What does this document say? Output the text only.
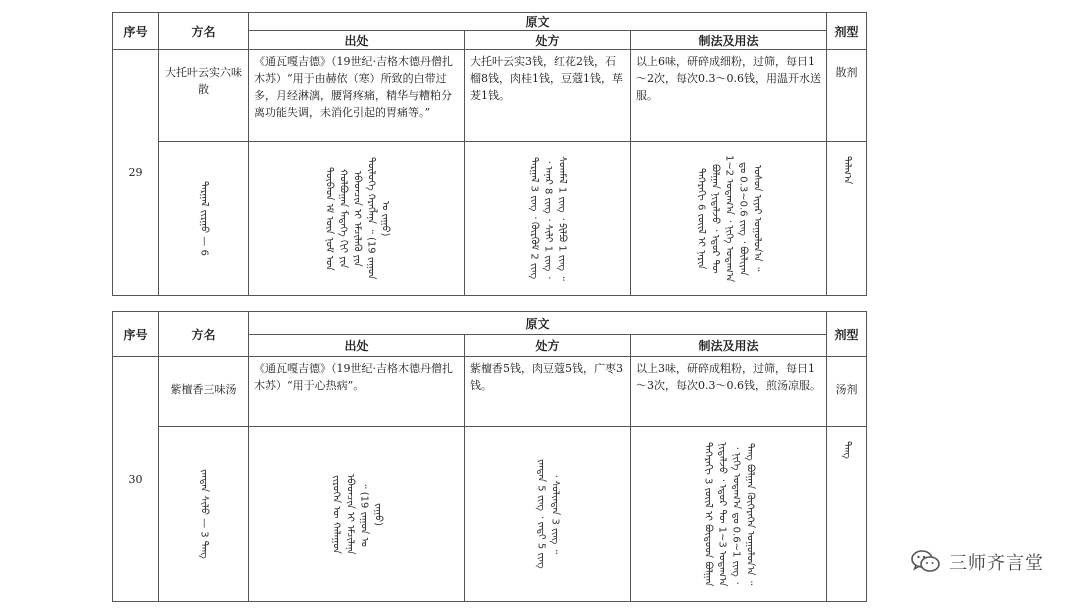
序号	方名	原文			剂型
		出处	处方	制法及用法	
29	大托叶云实六味散	《通瓦嘎吉德》（19世纪·吉格木德丹僧扎木苏）“用于由赫依（寒）所致的白带过多，月经淋漓，腰肾疼痛，精华与糟粕分离功能失调，未消化引起的胃痛等。”	大托叶云实3钱，红花2钱，石榴8钱，肉桂1钱，豆蔻1钱，荜茇1钱。	以上6味，研碎成细粉，过筛，每日1～2次，每次0.3～0.6钱，用温开水送服。	散剂

	ᠳᠠᠷᠭᠠᠯ ᠵᠢᠷᠭᠤ — 6	ᠲᠥᠪᠡᠳ ᠡᠮ ᠦᠨ ᠨᠣᠮ ᠤᠨ ᠬᠣᠯᠪᠣᠭᠠᠨ ᠮᠡᠳᠡᠭᠡ ᠬᠢᠢ ᠶᠢᠨ ᠡᠪᠡᠳᠴᠢᠨ ᠢ ᠡᠮᠴᠢᠯᠡᠬᠦ ᠶᠢᠨ ᠲᠥᠯᠦᠭᠡ ᠬᠡᠷᠡᠭᠯᠡᠨᠡ ᠃ (19 ᠵᠠᠭᠤᠨ ᠤ ᠵᠠᠭᠤ)	ᠳᠠᠷᠭᠠᠯ 3 ᠵᠢᠩ ᠂ ᠭᠦᠷᠭᠦᠮ 2 ᠵᠢᠩ ᠂ ᠠᠨᠠᠷ 8 ᠵᠢᠩ ᠂ ᠱᠢᠯᠢ 1 ᠵᠢᠩ ᠂ ᠰᠤᠭᠮᠡᠯ 1 ᠵᠢᠩ ᠂ ᠫᠢᠯᠫᠤ 1 ᠵᠢᠩ ᠃	ᠳᠡᠭᠡᠷᠡᠬᠢ 6 ᠵᠦᠢᠯ ᠢ ᠨᠠᠷᠢᠨ ᠪᠣᠯᠭᠠᠨ ᠨᠢᠳᠠᠯᠵᠤ ᠂ ᠡᠳᠦᠷ ᠲᠦ 1~2 ᠤᠳᠠᠭ᠎ᠠ ᠂ ᠨᠢᠭᠡ ᠤᠳᠠᠭ᠎ᠠ ᠳᠤ 0.3~0.6 ᠵᠢᠩ ᠂ ᠪᠦᠯᠢᠶᠡᠨ ᠤᠰᠤᠨ ᠢᠶᠠᠷ ᠣᠭᠣᠯᠤᠨ᠎ᠠ ᠃	ᠲᠠᠯᠬ᠎ᠠ
序号	方名	原文			剂型
		出处	处方	制法及用法	
30	紫檀香三味汤	《通瓦嘎吉德》（19世纪·吉格木德丹僧扎木苏）“用于心热病”。	紫檀香5钱，肉豆蔻5钱，广枣3钱。	以上3味，研碎成粗粉，过筛，每日1～3次，每次0.3～0.6钱，煎汤凉服。	汤剂

	ᠵᠠᠨᠳᠠᠨ ᠰᠢᠯᠤ — 3 ᠲᠠᠩ	ᠵᠢᠷᠦᠭᠡᠨ ᠦ ᠬᠠᠯᠠᠭᠤᠨ ᠡᠪᠡᠳᠴᠢᠨ ᠢ ᠡᠮᠴᠢᠯᠡᠨᠡ ᠃ (19 ᠵᠠᠭᠤᠨ ᠤ ᠵᠠᠭᠤ)	ᠵᠠᠨᠳᠠᠨ 5 ᠵᠢᠩ ᠂ ᠵᠠᠲᠢ 5 ᠵᠢᠩ ᠂ ᠰᠣᠯᠢᠨᠳᠠᠨ 3 ᠵᠢᠩ ᠃	ᠳᠡᠭᠡᠷᠡᠬᠢ 3 ᠵᠦᠢᠯ ᠢ ᠪᠦᠳᠦᠦᠨ ᠪᠣᠯᠭᠠᠨ ᠨᠢᠳᠠᠯᠵᠤ ᠂ ᠡᠳᠦᠷ ᠲᠦ 1~3 ᠤᠳᠠᠭ᠎ᠠ ᠂ ᠨᠢᠭᠡ ᠤᠳᠠᠭ᠎ᠠ ᠳᠤ 0.6~1 ᠵᠢᠩ ᠂ ᠲᠠᠩ ᠪᠣᠯᠭᠠᠨ ᠬᠥᠭᠡᠷᠡᠭᠡᠨ ᠣᠭᠣᠯᠤᠨ᠎ᠠ ᠃	ᠲᠠᠩ
三师齐言堂
